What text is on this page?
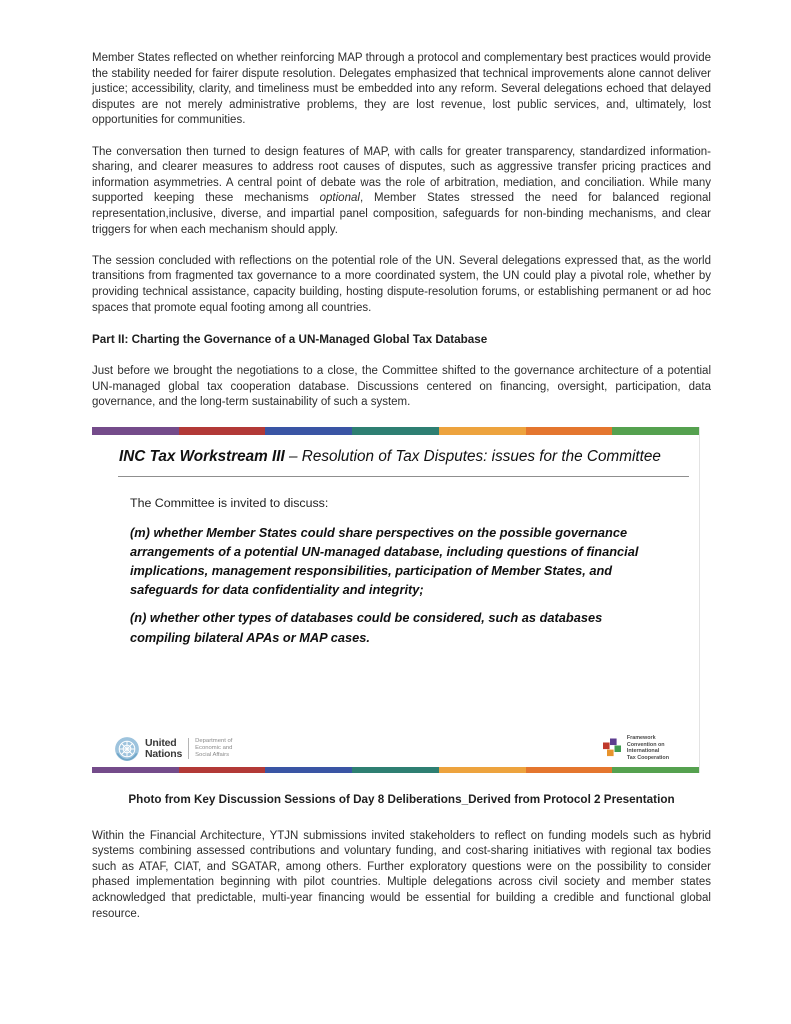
Member States reflected on whether reinforcing MAP through a protocol and complementary best practices would provide the stability needed for fairer dispute resolution. Delegates emphasized that technical improvements alone cannot deliver justice; accessibility, clarity, and timeliness must be embedded into any reform. Several delegations echoed that delayed disputes are not merely administrative problems, they are lost revenue, lost public services, and, ultimately, lost opportunities for communities.

The conversation then turned to design features of MAP, with calls for greater transparency, standardized information-sharing, and clearer measures to address root causes of disputes, such as aggressive transfer pricing practices and information asymmetries. A central point of debate was the role of arbitration, mediation, and conciliation. While many supported keeping these mechanisms optional, Member States stressed the need for balanced regional representation,inclusive, diverse, and impartial panel composition, safeguards for non-binding mechanisms, and clear triggers for when each mechanism should apply.

The session concluded with reflections on the potential role of the UN. Several delegations expressed that, as the world transitions from fragmented tax governance to a more coordinated system, the UN could play a pivotal role, whether by providing technical assistance, capacity building, hosting dispute-resolution forums, or establishing permanent or ad hoc spaces that promote equal footing among all countries.

Part II: Charting the Governance of a UN-Managed Global Tax Database

Just before we brought the negotiations to a close, the Committee shifted to the governance architecture of a potential UN-managed global tax cooperation database. Discussions centered on financing, oversight, participation, data governance, and the long-term sustainability of such a system.

INC Tax Workstream III – Resolution of Tax Disputes: issues for the Committee

The Committee is invited to discuss:

(m) whether Member States could share perspectives on the possible governance arrangements of a potential UN-managed database, including questions of financial implications, management responsibilities, participation of Member States, and safeguards for data confidentiality and integrity;

(n) whether other types of databases could be considered, such as databases compiling bilateral APAs or MAP cases.

United
Nations
Department of
Economic and
Social Affairs
Framework
Convention on
International
Tax Cooperation

Photo from Key Discussion Sessions of Day 8 Deliberations_Derived from Protocol 2 Presentation

Within the Financial Architecture, YTJN submissions invited stakeholders to reflect on funding models such as hybrid systems combining assessed contributions and voluntary funding, and cost-sharing initiatives with regional tax bodies such as ATAF, CIAT, and SGATAR, among others. Further exploratory questions were on the possibility to consider phased implementation beginning with pilot countries. Multiple delegations across civil society and member states acknowledged that predictable, multi-year financing would be essential for building a credible and functional global resource.
